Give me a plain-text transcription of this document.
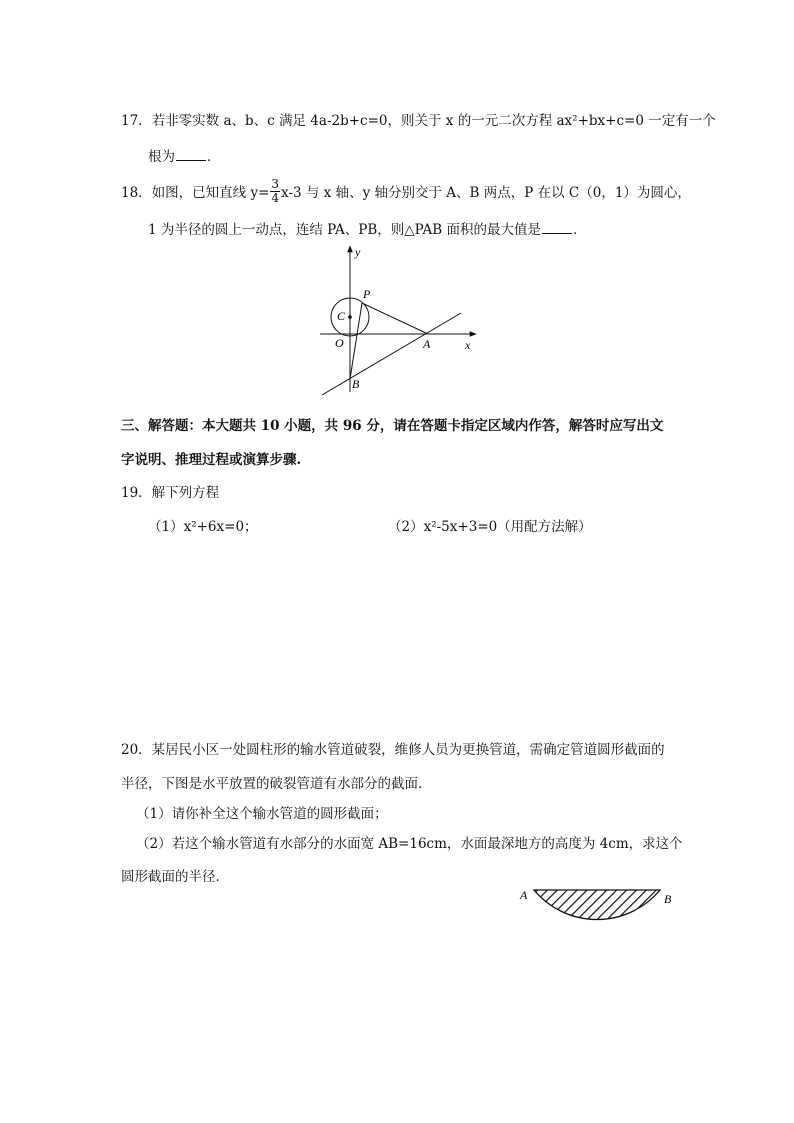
17．若非零实数 a、b、c 满足 4a-2b+c=0，则关于 x 的一元二次方程 ax²+bx+c=0 一定有一个
根为 ．
18．如图，已知直线 $y= \frac{3}{4} x-3$ 与 x 轴、y 轴分别交于 A、B 两点，P 在以 C（0，1）为圆心，
1 为半径的圆上一动点，连结 PA、PB，则△PAB 面积的最大值是 ．
y
x
O	A
B
C
P
三、解答题：本大题共 10 小题，共 96 分，请在答题卡指定区域内作答，解答时应写出文
字说明、推理过程或演算步骤.
19．解下列方程
（1）x²+6x=0；	（2）x²-5x+3=0（用配方法解）
20．某居民小区一处圆柱形的输水管道破裂，维修人员为更换管道，需确定管道圆形截面的
半径，下图是水平放置的破裂管道有水部分的截面．
（1）请你补全这个输水管道的圆形截面；
（2）若这个输水管道有水部分的水面宽 AB=16cm，水面最深地方的高度为 4cm，求这个
圆形截面的半径．
A	B
